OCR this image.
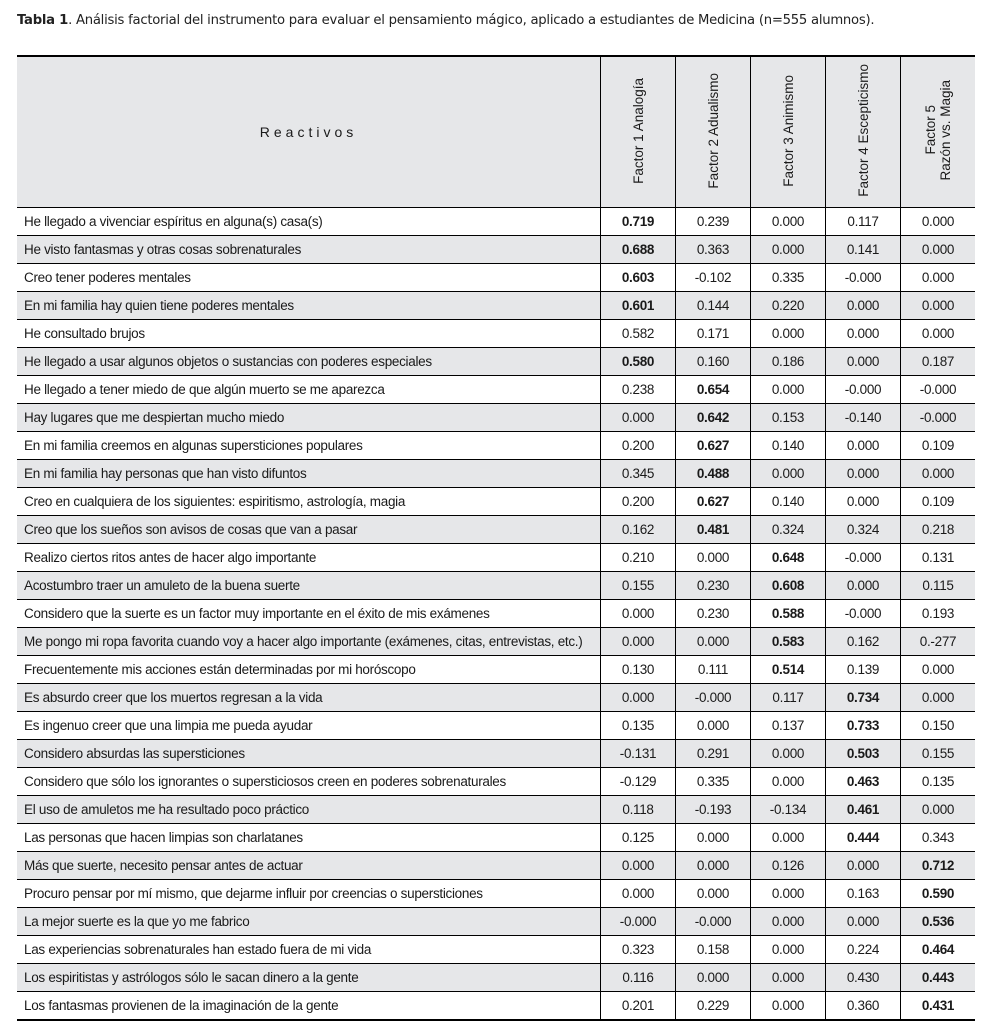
Tabla 1. Análisis factorial del instrumento para evaluar el pensamiento mágico, aplicado a estudiantes de Medicina (n=555 alumnos).
Reactivos	Factor 1 Analogía	Factor 2 Adualismo	Factor 3 Animismo	Factor 4 Escepticismo	Factor 5
Razón vs. Magia
He llegado a vivenciar espíritus en alguna(s) casa(s)	0.719	0.239	0.000	0.117	0.000
He visto fantasmas y otras cosas sobrenaturales	0.688	0.363	0.000	0.141	0.000
Creo tener poderes mentales	0.603	-0.102	0.335	-0.000	0.000
En mi familia hay quien tiene poderes mentales	0.601	0.144	0.220	0.000	0.000
He consultado brujos	0.582	0.171	0.000	0.000	0.000
He llegado a usar algunos objetos o sustancias con poderes especiales	0.580	0.160	0.186	0.000	0.187
He llegado a tener miedo de que algún muerto se me aparezca	0.238	0.654	0.000	-0.000	-0.000
Hay lugares que me despiertan mucho miedo	0.000	0.642	0.153	-0.140	-0.000
En mi familia creemos en algunas supersticiones populares	0.200	0.627	0.140	0.000	0.109
En mi familia hay personas que han visto difuntos	0.345	0.488	0.000	0.000	0.000
Creo en cualquiera de los siguientes: espiritismo, astrología, magia	0.200	0.627	0.140	0.000	0.109
Creo que los sueños son avisos de cosas que van a pasar	0.162	0.481	0.324	0.324	0.218
Realizo ciertos ritos antes de hacer algo importante	0.210	0.000	0.648	-0.000	0.131
Acostumbro traer un amuleto de la buena suerte	0.155	0.230	0.608	0.000	0.115
Considero que la suerte es un factor muy importante en el éxito de mis exámenes	0.000	0.230	0.588	-0.000	0.193
Me pongo mi ropa favorita cuando voy a hacer algo importante (exámenes, citas, entrevistas, etc.)	0.000	0.000	0.583	0.162	0.-277
Frecuentemente mis acciones están determinadas por mi horóscopo	0.130	0.111	0.514	0.139	0.000
Es absurdo creer que los muertos regresan a la vida	0.000	-0.000	0.117	0.734	0.000
Es ingenuo creer que una limpia me pueda ayudar	0.135	0.000	0.137	0.733	0.150
Considero absurdas las supersticiones	-0.131	0.291	0.000	0.503	0.155
Considero que sólo los ignorantes o supersticiosos creen en poderes sobrenaturales	-0.129	0.335	0.000	0.463	0.135
El uso de amuletos me ha resultado poco práctico	0.118	-0.193	-0.134	0.461	0.000
Las personas que hacen limpias son charlatanes	0.125	0.000	0.000	0.444	0.343
Más que suerte, necesito pensar antes de actuar	0.000	0.000	0.126	0.000	0.712
Procuro pensar por mí mismo, que dejarme influir por creencias o supersticiones	0.000	0.000	0.000	0.163	0.590
La mejor suerte es la que yo me fabrico	-0.000	-0.000	0.000	0.000	0.536
Las experiencias sobrenaturales han estado fuera de mi vida	0.323	0.158	0.000	0.224	0.464
Los espiritistas y astrólogos sólo le sacan dinero a la gente	0.116	0.000	0.000	0.430	0.443
Los fantasmas provienen de la imaginación de la gente	0.201	0.229	0.000	0.360	0.431
